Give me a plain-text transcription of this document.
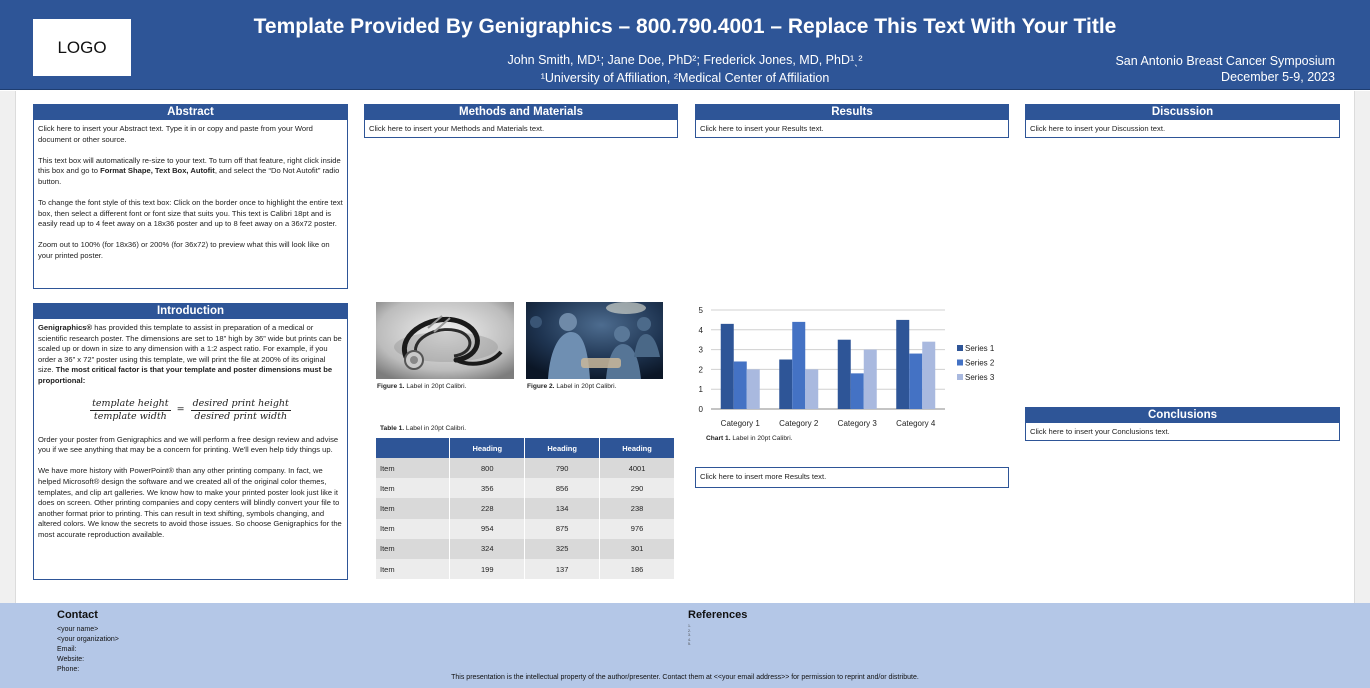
LOGO
Template Provided By Genigraphics – 800.790.4001 – Replace This Text With Your Title
John Smith, MD¹; Jane Doe, PhD²; Frederick Jones, MD, PhD¹ˎ²
¹University of Affiliation, ²Medical Center of Affiliation
San Antonio Breast Cancer Symposium
December 5-9, 2023
Abstract

Click here to insert your Abstract text. Type it in or copy and paste from your Word document or other source.

This text box will automatically re-size to your text. To turn off that feature, right click inside this box and go to Format Shape, Text Box, Autofit, and select the “Do Not Autofit” radio button.

To change the font style of this text box: Click on the border once to highlight the entire text box, then select a different font or font size that suits you. This text is Calibri 18pt and is easily read up to 4 feet away on a 18x36 poster and up to 8 feet away on a 36x72 poster.

Zoom out to 100% (for 18x36) or 200% (for 36x72) to preview what this will look like on your printed poster.

Introduction

Genigraphics® has provided this template to assist in preparation of a medical or scientific research poster. The dimensions are set to 18” high by 36” wide but prints can be scaled up or down in size to any dimension with a 1:2 aspect ratio. For example, if you order a 36” x 72” poster using this template, we will print the file at 200% of its original size. The most critical factor is that your template and poster dimensions must be proportional:

$\frac{\text{template height}}{\text{template width}} = \frac{\text{desired print height}}{\text{desired print width}}$

Order your poster from Genigraphics and we will perform a free design review and advise you if we see anything that may be a concern for printing. We'll even help tidy things up.

We have more history with PowerPoint® than any other printing company. In fact, we helped Microsoft® design the software and we created all of the original color themes, templates, and clip art galleries. We know how to make your printed poster look just like it does on screen. Other printing companies and copy centers will blindly convert your file to another format prior to printing. This can result in text shifting, symbols changing, and altered colors. We know the secrets to avoid those issues. So choose Genigraphics for the most accurate reproduction available.

Methods and Materials
Click here to insert your Methods and Materials text.
Results
Click here to insert your Results text.
Discussion
Click here to insert your Discussion text.
Conclusions
Click here to insert your Conclusions text.
Figure 1. Label in 20pt Calibri.	Figure 2. Label in 20pt Calibri.
Table 1. Label in 20pt Calibri.
	Heading	Heading	Heading
Item	800	790	4001
Item	356	856	290
Item	228	134	238
Item	954	875	976
Item	324	325	301
Item	199	137	186
0
1
2
3
4
5
Category 1 Category 2 Category 3 Category 4
Series 1
Series 2
Series 3
Chart 1. Label in 20pt Calibri.
Click here to insert more Results text.
Contact
<your name>
<your organization>
Email:
Website:
Phone:
References
1.
2.
3.
4.
5.
This presentation is the intellectual property of the author/presenter. Contact them at <<your email address>> for permission to reprint and/or distribute.
